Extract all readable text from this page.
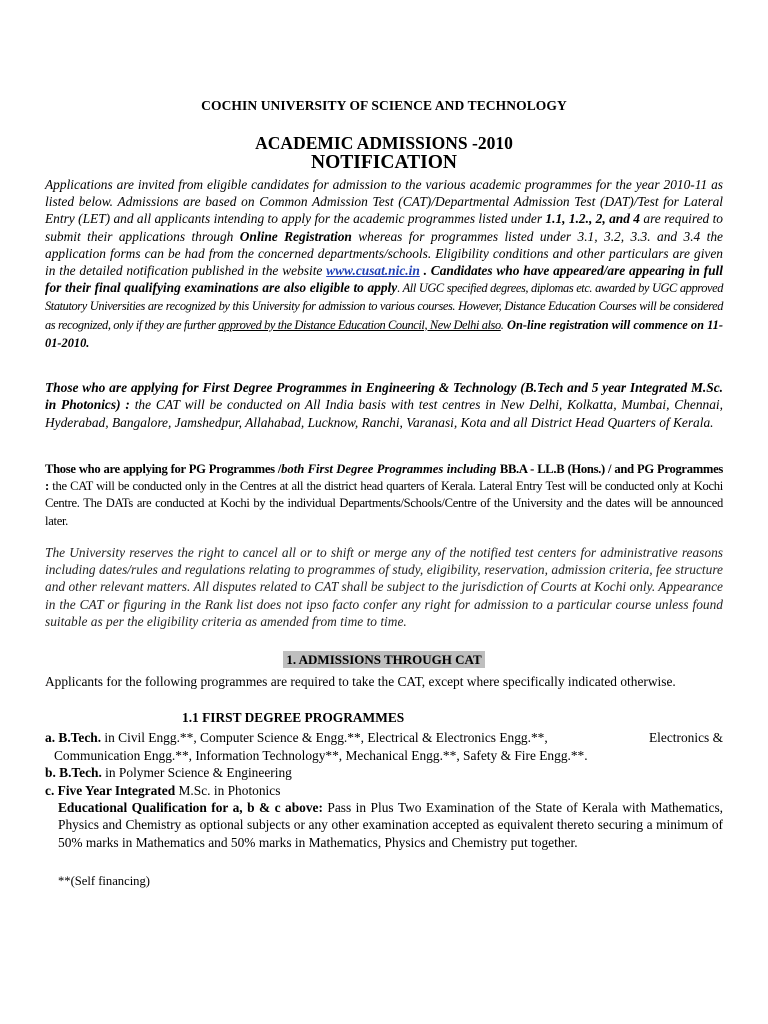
COCHIN UNIVERSITY OF SCIENCE AND TECHNOLOGY
ACADEMIC ADMISSIONS -2010
NOTIFICATION

Applications are invited from eligible candidates for admission to the various academic programmes for the year 2010-11 as listed below. Admissions are based on Common Admission Test (CAT)/Departmental Admission Test (DAT)/Test for Lateral Entry (LET) and all applicants intending to apply for the academic programmes listed under 1.1, 1.2., 2, and 4 are required to submit their applications through Online Registration whereas for programmes listed under 3.1, 3.2, 3.3. and 3.4 the application forms can be had from the concerned departments/schools. Eligibility conditions and other particulars are given in the detailed notification published in the website www.cusat.nic.in . Candidates who have appeared/are appearing in full for their final qualifying examinations are also eligible to apply. All UGC specified degrees, diplomas etc. awarded by UGC approved Statutory Universities are recognized by this University for admission to various courses. However, Distance Education Courses will be considered as recognized, only if they are further approved by the Distance Education Council, New Delhi also. On-line registration will commence on 11-01-2010.

Those who are applying for First Degree Programmes in Engineering & Technology (B.Tech and 5 year Integrated M.Sc. in Photonics) : the CAT will be conducted on All India basis with test centres in New Delhi, Kolkatta, Mumbai, Chennai, Hyderabad, Bangalore, Jamshedpur, Allahabad, Lucknow, Ranchi, Varanasi, Kota and all District Head Quarters of Kerala.

Those who are applying for PG Programmes /both First Degree Programmes including BB.A - LL.B (Hons.) / and PG Programmes : the CAT will be conducted only in the Centres at all the district head quarters of Kerala. Lateral Entry Test will be conducted only at Kochi Centre. The DATs are conducted at Kochi by the individual Departments/Schools/Centre of the University and the dates will be announced later.

The University reserves the right to cancel all or to shift or merge any of the notified test centers for administrative reasons including dates/rules and regulations relating to programmes of study, eligibility, reservation, admission criteria, fee structure and other relevant matters. All disputes related to CAT shall be subject to the jurisdiction of Courts at Kochi only. Appearance in the CAT or figuring in the Rank list does not ipso facto confer any right for admission to a particular course unless found suitable as per the eligibility criteria as amended from time to time.

1. ADMISSIONS THROUGH CAT

Applicants for the following programmes are required to take the CAT, except where specifically indicated otherwise.

1.1 FIRST DEGREE PROGRAMMES
a. B.Tech. in Civil Engg.**, Computer Science & Engg.**, Electrical & Electronics Engg.**,	Electronics &
Communication Engg.**, Information Technology**, Mechanical Engg.**, Safety & Fire Engg.**.
b. B.Tech. in Polymer Science & Engineering
c. Five Year Integrated M.Sc. in Photonics

Educational Qualification for a, b & c above: Pass in Plus Two Examination of the State of Kerala with Mathematics, Physics and Chemistry as optional subjects or any other examination accepted as equivalent thereto securing a minimum of 50% marks in Mathematics and 50% marks in Mathematics, Physics and Chemistry put together.

**(Self financing)
